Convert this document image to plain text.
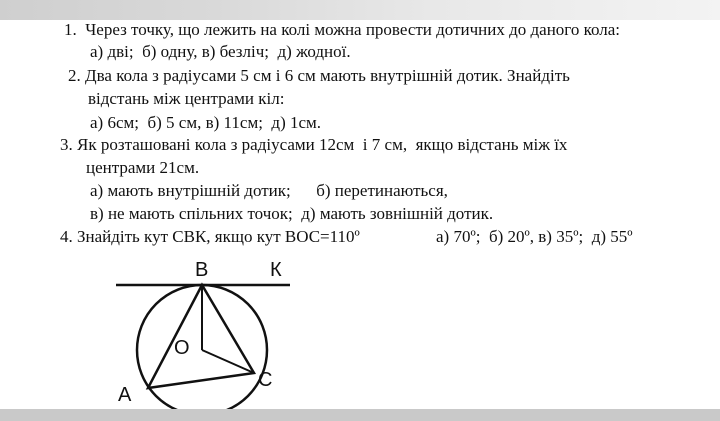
1. Через точку, що лежить на колі можна провести дотичних до даного кола:
а) дві;  б) одну, в) безліч;  д) жодної.
2. Два кола з радіусами 5 см і 6 см мають внутрішній дотик. Знайдіть
відстань між центрами кіл:
а) 6см;  б) 5 см, в) 11см;  д) 1см.
3. Як розташовані кола з радіусами 12см  і 7 см,  якщо відстань між їх
центрами 21см.
а) мають внутрішній дотик;      б) перетинаються,
в) не мають спільних точок;  д) мають зовнішній дотик.
4. Знайдіть кут СВК, якщо кут ВОС=110º	а) 70º;  б) 20º, в) 35º;  д) 55º
В	К
O
А
C
